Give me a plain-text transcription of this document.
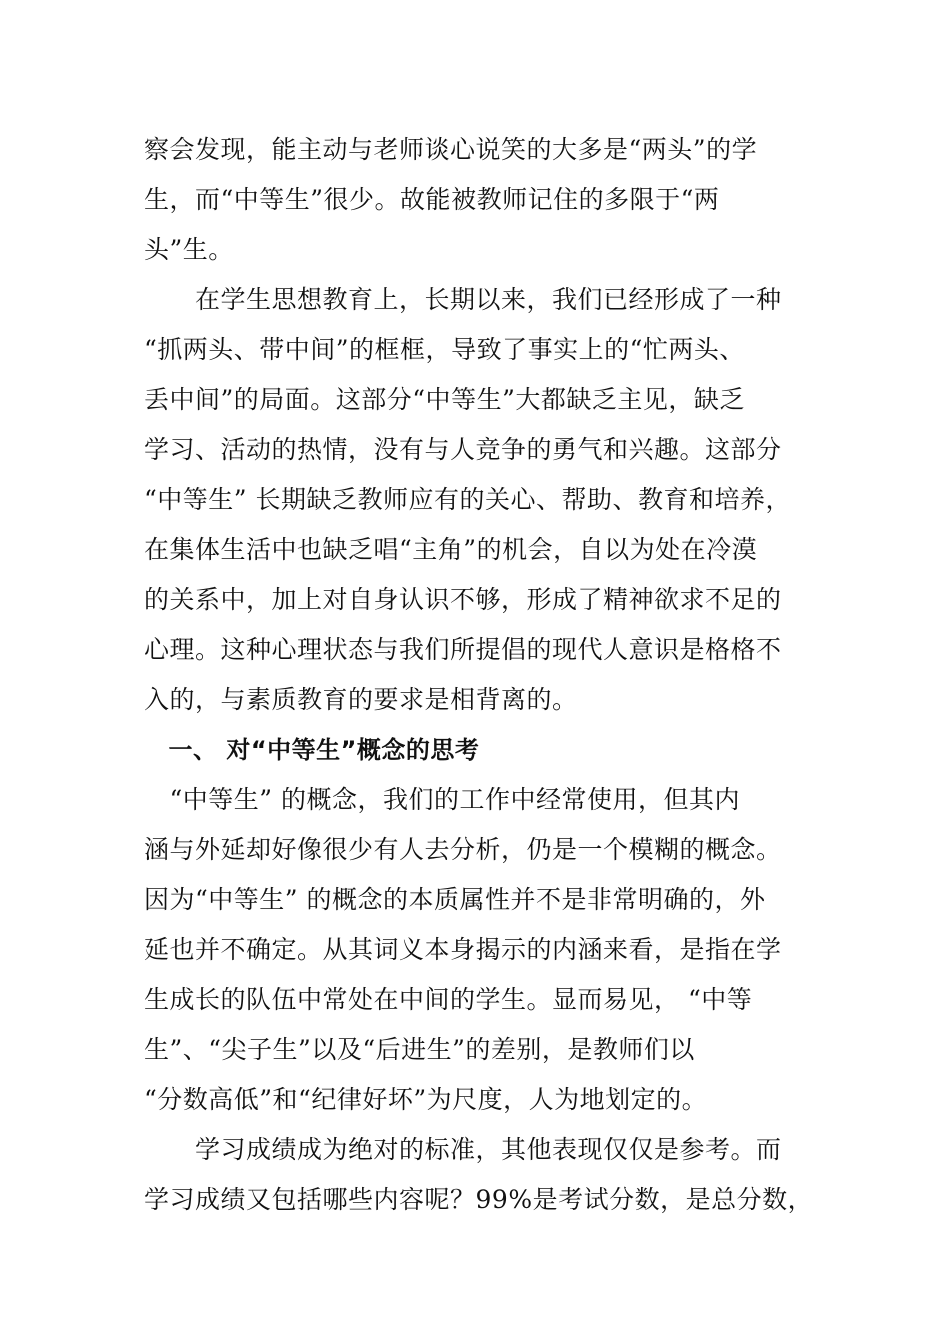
察会发现，能主动与老师谈心说笑的大多是“两头”的学
生，而“中等生”很少。故能被教师记住的多限于“两
头”生。
　　在学生思想教育上，长期以来，我们已经形成了一种
“抓两头、带中间”的框框，导致了事实上的“忙两头、
丢中间”的局面。这部分“中等生”大都缺乏主见，缺乏
学习、活动的热情，没有与人竞争的勇气和兴趣。这部分
“中等生” 长期缺乏教师应有的关心、帮助、教育和培养，
在集体生活中也缺乏唱“主角”的机会，自以为处在冷漠
的关系中，加上对自身认识不够，形成了精神欲求不足的
心理。这种心理状态与我们所提倡的现代人意识是格格不
入的，与素质教育的要求是相背离的。
　一、 对“中等生”概念的思考
　“中等生” 的概念，我们的工作中经常使用，但其内
涵与外延却好像很少有人去分析，仍是一个模糊的概念。
因为“中等生” 的概念的本质属性并不是非常明确的，外
延也并不确定。从其词义本身揭示的内涵来看，是指在学
生成长的队伍中常处在中间的学生。显而易见， “中等
生”、“尖子生”以及“后进生”的差别，是教师们以
“分数高低”和“纪律好坏”为尺度，人为地划定的。
　　学习成绩成为绝对的标准，其他表现仅仅是参考。而
学习成绩又包括哪些内容呢？99%是考试分数，是总分数，
